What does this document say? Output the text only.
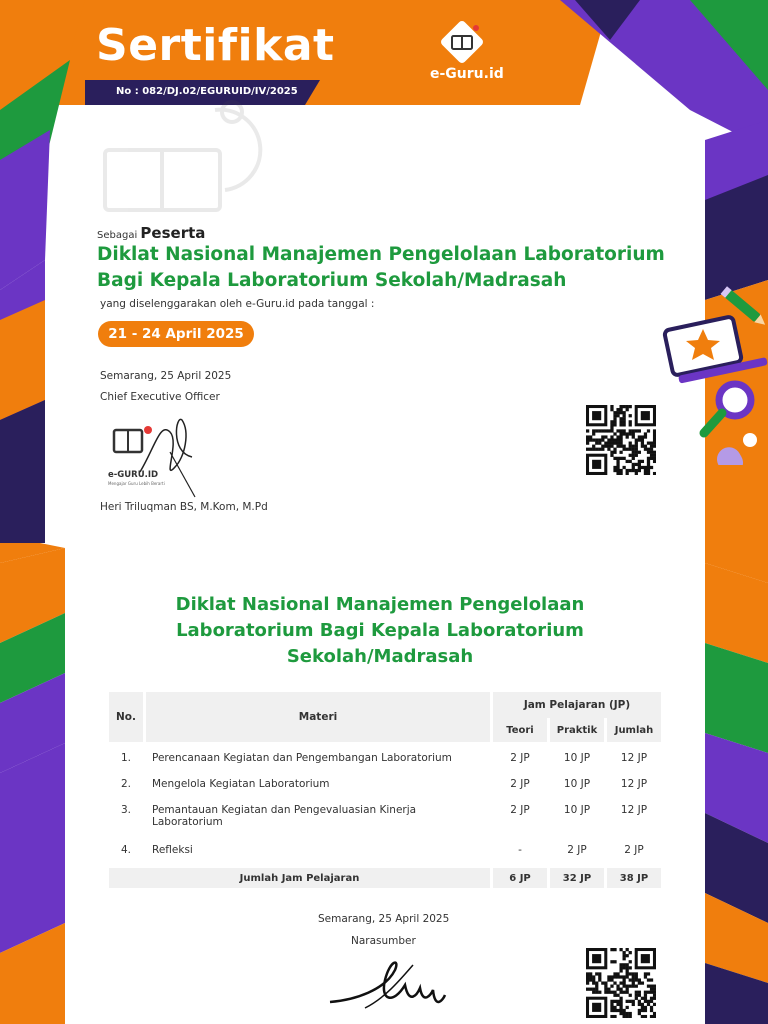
Sertifikat
No : 082/DJ.02/EGURUID/IV/2025
e-Guru.id
Sebagai Peserta
Diklat Nasional Manajemen Pengelolaan Laboratorium
Bagi Kepala Laboratorium Sekolah/Madrasah
yang diselenggarakan oleh e-Guru.id pada tanggal :
21 - 24 April 2025
Semarang, 25 April 2025
Chief Executive Officer
e-GURU.ID
Mengajar Guru Lebih Berarti
Heri Triluqman BS, M.Kom, M.Pd
Diklat Nasional Manajemen Pengelolaan
Laboratorium Bagi Kepala Laboratorium
Sekolah/Madrasah
No.	Materi	Jam Pelajaran (JP)		
		Teori	Praktik	Jumlah
1.	Perencanaan Kegiatan dan Pengembangan Laboratorium	2 JP	10 JP	12 JP
2.	Mengelola Kegiatan Laboratorium	2 JP	10 JP	12 JP
3.	Pemantauan Kegiatan dan Pengevaluasian Kinerja Laboratorium	2 JP	10 JP	12 JP
4.	Refleksi	-	2 JP	2 JP
Jumlah Jam Pelajaran		6 JP	32 JP	38 JP
Semarang, 25 April 2025
Narasumber
